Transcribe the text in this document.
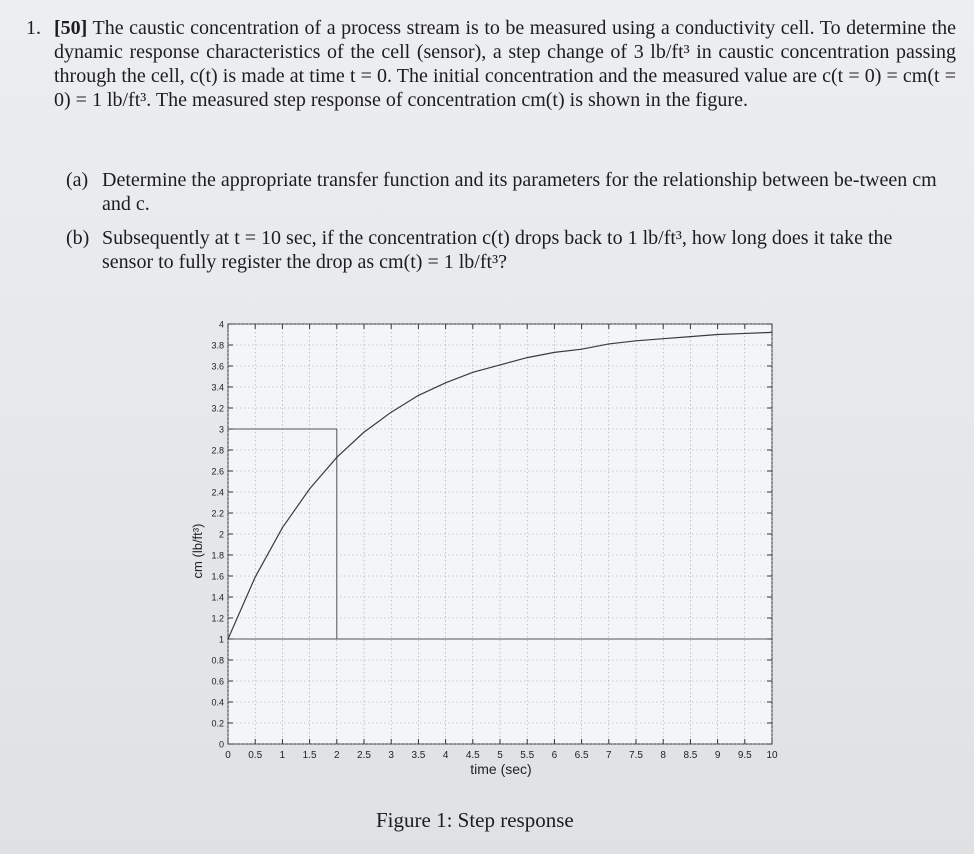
1. [50] The caustic concentration of a process stream is to be measured using a conductivity cell. To determine the dynamic response characteristics of the cell (sensor), a step change of 3 lb/ft³ in caustic concentration passing through the cell, c(t) is made at time t = 0. The initial concentration and the measured value are c(t = 0) = cm(t = 0) = 1 lb/ft³. The measured step response of concentration cm(t) is shown in the figure.
(a) Determine the appropriate transfer function and its parameters for the relationship between be-tween cm and c.
(b) Subsequently at t = 10 sec, if the concentration c(t) drops back to 1 lb/ft³, how long does it take the sensor to fully register the drop as cm(t) = 1 lb/ft³?
0 0.5 1 1.5 2 2.5 3 3.5 4 4.5 5 5.5 6 6.5 7 7.5 8 8.5 9 9.5 10
0
0.2
0.4
0.6
0.8
1
1.2
1.4
1.6
1.8
2
2.2
2.4
2.6
2.8
3
3.2
3.4
3.6
3.8
4
time (sec)
cm (lb/ft³)
Figure 1: Step response
